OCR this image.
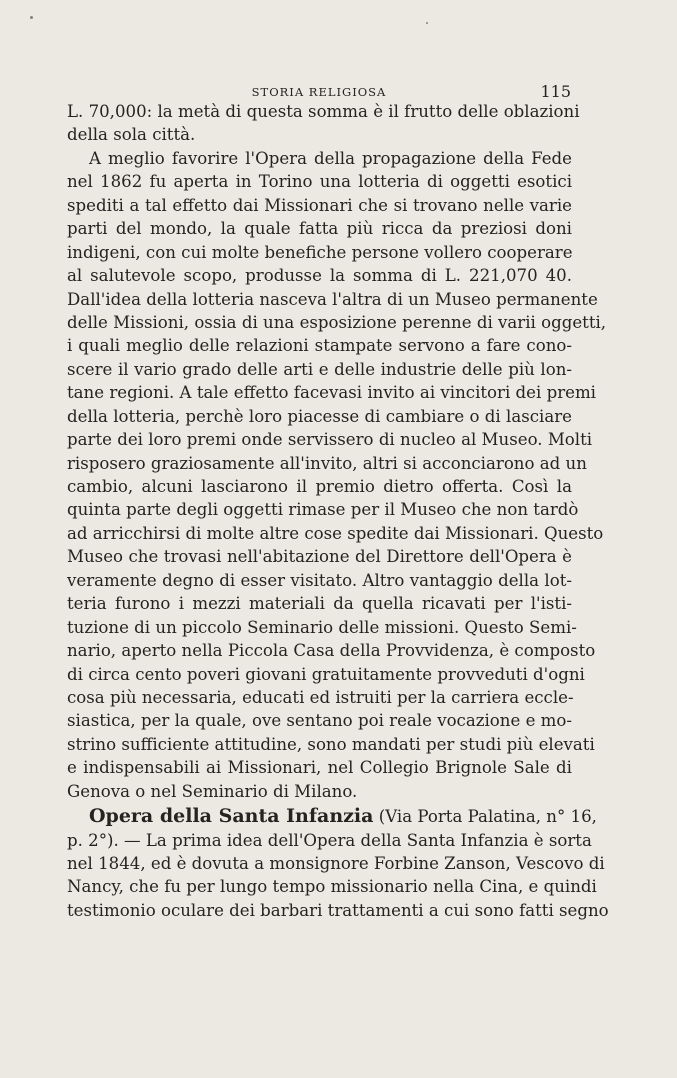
STORIA RELIGIOSA	115
L. 70,000: la metà di questa somma è il frutto delle oblazioni
della sola città.
A meglio favorire l'Opera della propagazione della Fede
nel 1862 fu aperta in Torino una lotteria di oggetti esotici
spediti a tal effetto dai Missionari che si trovano nelle varie
parti del mondo, la quale fatta più ricca da preziosi doni
indigeni, con cui molte benefiche persone vollero cooperare
al salutevole scopo, produsse la somma di L. 221,070 40.
Dall'idea della lotteria nasceva l'altra di un Museo permanente
delle Missioni, ossia di una esposizione perenne di varii oggetti,
i quali meglio delle relazioni stampate servono a fare cono-
scere il vario grado delle arti e delle industrie delle più lon-
tane regioni. A tale effetto facevasi invito ai vincitori dei premi
della lotteria, perchè loro piacesse di cambiare o di lasciare
parte dei loro premi onde servissero di nucleo al Museo. Molti
risposero graziosamente all'invito, altri si acconciarono ad un
cambio, alcuni lasciarono il premio dietro offerta. Così la
quinta parte degli oggetti rimase per il Museo che non tardò
ad arricchirsi di molte altre cose spedite dai Missionari. Questo
Museo che trovasi nell'abitazione del Direttore dell'Opera è
veramente degno di esser visitato. Altro vantaggio della lot-
teria furono i mezzi materiali da quella ricavati per l'isti-
tuzione di un piccolo Seminario delle missioni. Questo Semi-
nario, aperto nella Piccola Casa della Provvidenza, è composto
di circa cento poveri giovani gratuitamente provveduti d'ogni
cosa più necessaria, educati ed istruiti per la carriera eccle-
siastica, per la quale, ove sentano poi reale vocazione e mo-
strino sufficiente attitudine, sono mandati per studi più elevati
e indispensabili ai Missionari, nel Collegio Brignole Sale di
Genova o nel Seminario di Milano.
Opera della Santa Infanzia (Via Porta Palatina, n° 16,
p. 2°). — La prima idea dell'Opera della Santa Infanzia è sorta
nel 1844, ed è dovuta a monsignore Forbine Zanson, Vescovo di
Nancy, che fu per lungo tempo missionario nella Cina, e quindi
testimonio oculare dei barbari trattamenti a cui sono fatti segno
